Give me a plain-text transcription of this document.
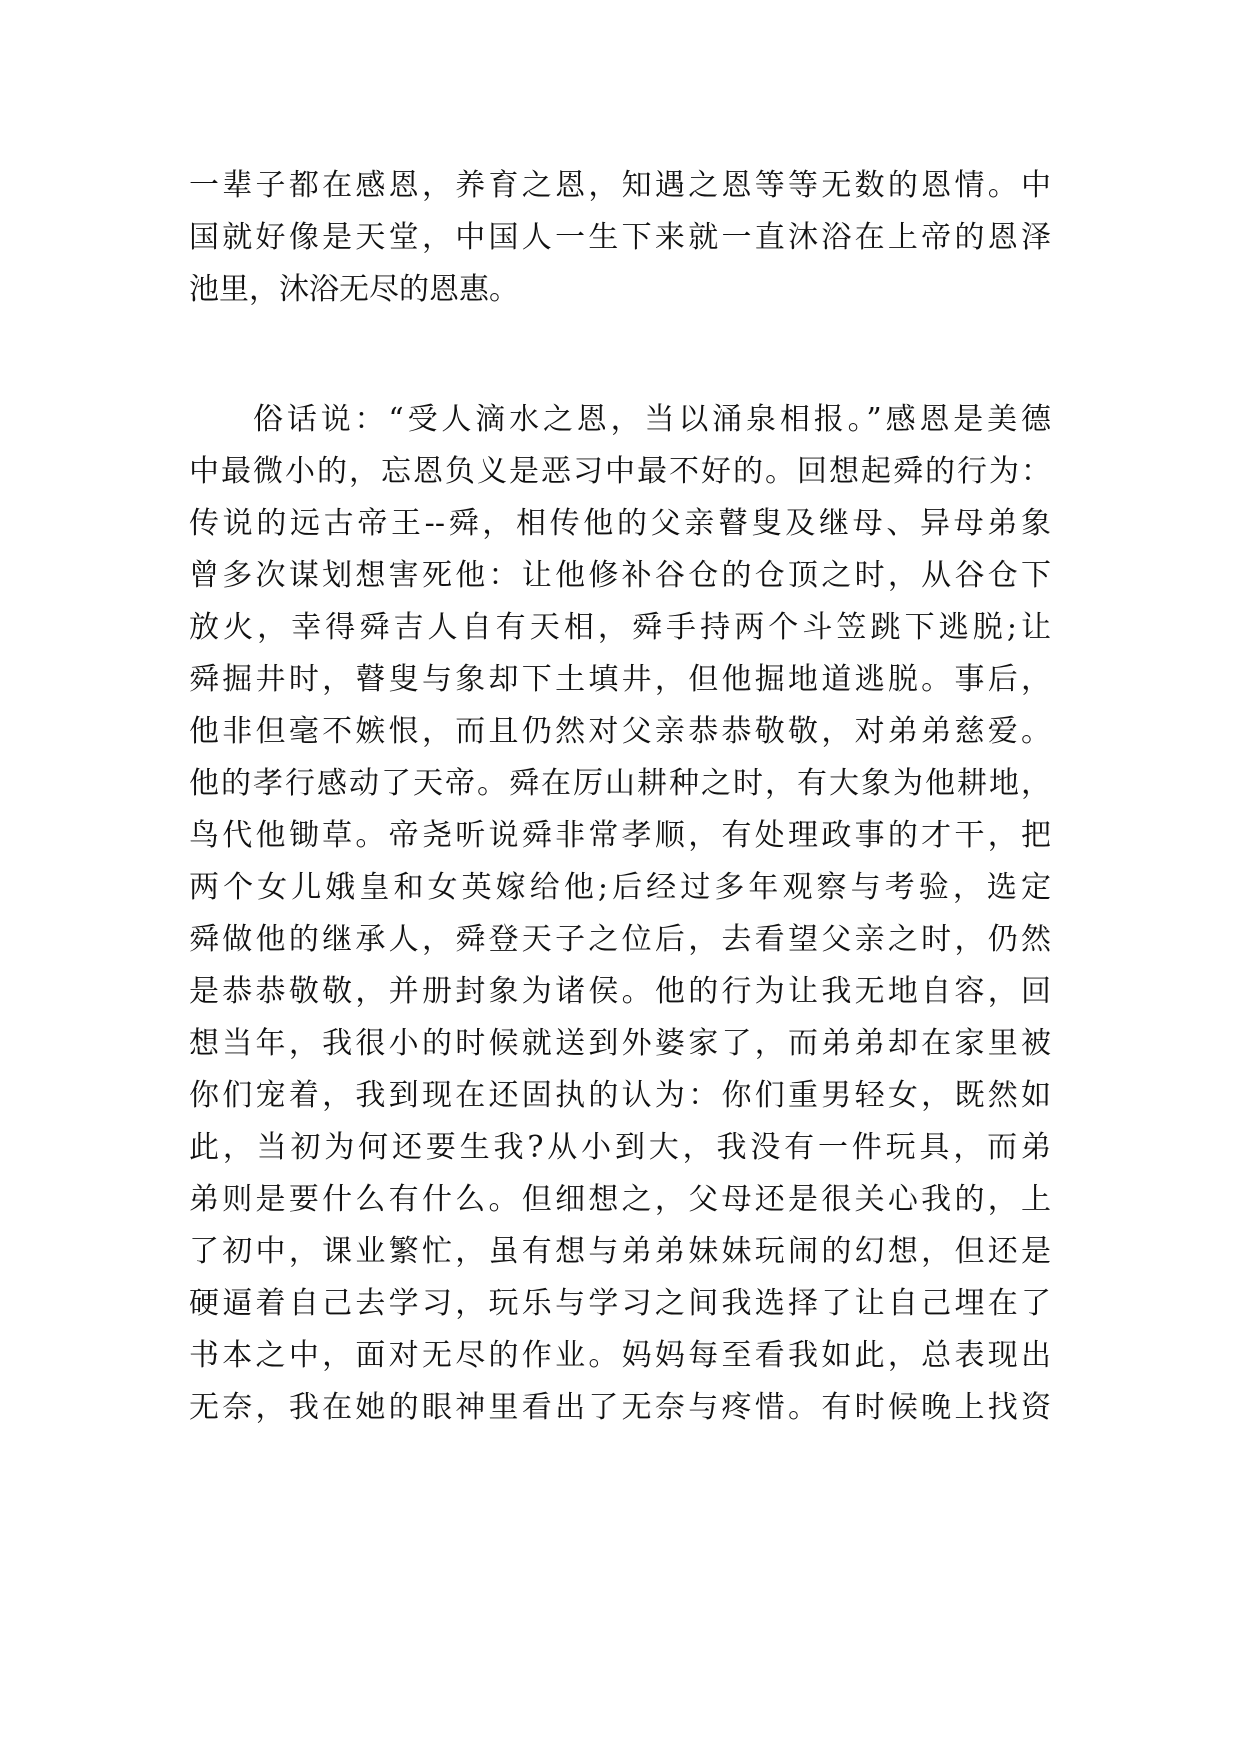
一辈子都在感恩，养育之恩，知遇之恩等等无数的恩情。中
国就好像是天堂，中国人一生下来就一直沐浴在上帝的恩泽
池里，沐浴无尽的恩惠。
俗话说：“受人滴水之恩，当以涌泉相报。”感恩是美德
中最微小的，忘恩负义是恶习中最不好的。回想起舜的行为：
传说的远古帝王--舜，相传他的父亲瞽叟及继母、异母弟象
曾多次谋划想害死他：让他修补谷仓的仓顶之时，从谷仓下
放火，幸得舜吉人自有天相，舜手持两个斗笠跳下逃脱;让
舜掘井时，瞽叟与象却下土填井，但他掘地道逃脱。事后，
他非但毫不嫉恨，而且仍然对父亲恭恭敬敬，对弟弟慈爱。
他的孝行感动了天帝。舜在厉山耕种之时，有大象为他耕地，
鸟代他锄草。帝尧听说舜非常孝顺，有处理政事的才干，把
两个女儿娥皇和女英嫁给他;后经过多年观察与考验，选定
舜做他的继承人，舜登天子之位后，去看望父亲之时，仍然
是恭恭敬敬，并册封象为诸侯。他的行为让我无地自容，回
想当年，我很小的时候就送到外婆家了，而弟弟却在家里被
你们宠着，我到现在还固执的认为：你们重男轻女，既然如
此，当初为何还要生我?从小到大，我没有一件玩具，而弟
弟则是要什么有什么。但细想之，父母还是很关心我的，上
了初中，课业繁忙，虽有想与弟弟妹妹玩闹的幻想，但还是
硬逼着自己去学习，玩乐与学习之间我选择了让自己埋在了
书本之中，面对无尽的作业。妈妈每至看我如此，总表现出
无奈，我在她的眼神里看出了无奈与疼惜。有时候晚上找资
